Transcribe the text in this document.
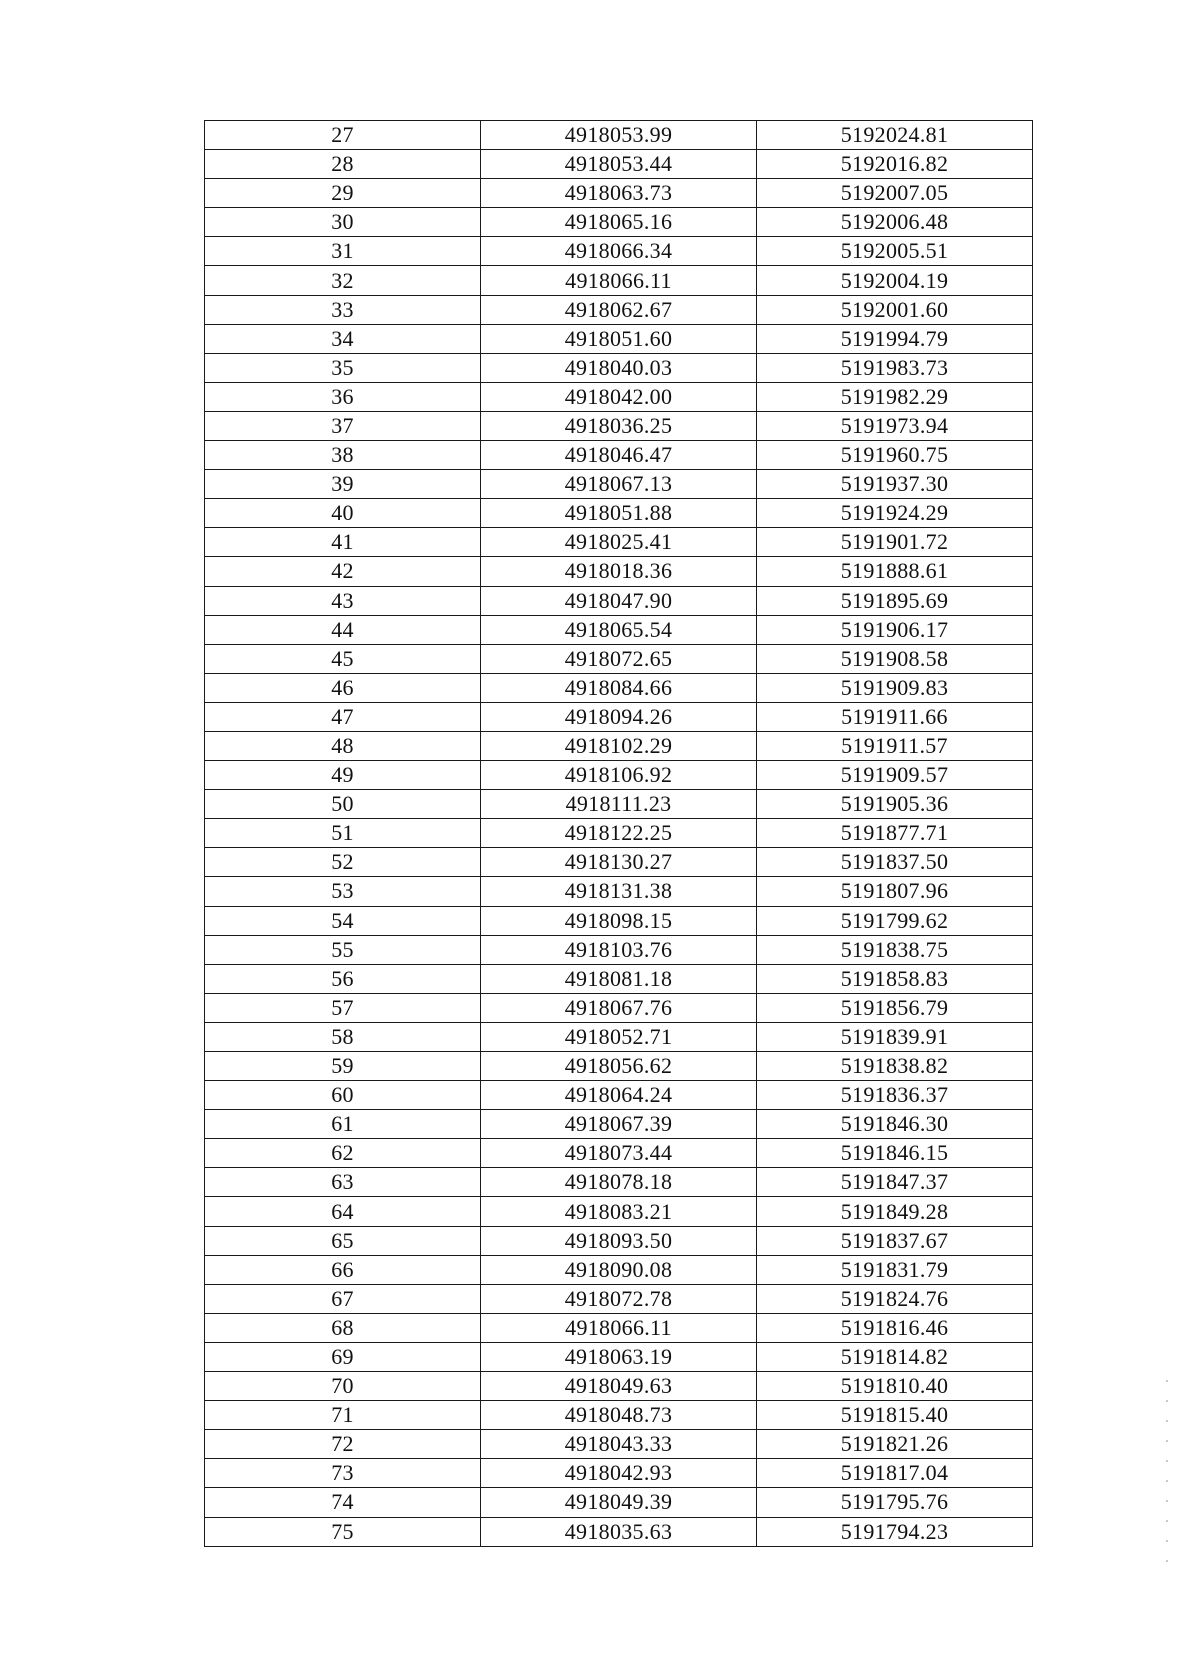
27	4918053.99	5192024.81
28	4918053.44	5192016.82
29	4918063.73	5192007.05
30	4918065.16	5192006.48
31	4918066.34	5192005.51
32	4918066.11	5192004.19
33	4918062.67	5192001.60
34	4918051.60	5191994.79
35	4918040.03	5191983.73
36	4918042.00	5191982.29
37	4918036.25	5191973.94
38	4918046.47	5191960.75
39	4918067.13	5191937.30
40	4918051.88	5191924.29
41	4918025.41	5191901.72
42	4918018.36	5191888.61
43	4918047.90	5191895.69
44	4918065.54	5191906.17
45	4918072.65	5191908.58
46	4918084.66	5191909.83
47	4918094.26	5191911.66
48	4918102.29	5191911.57
49	4918106.92	5191909.57
50	4918111.23	5191905.36
51	4918122.25	5191877.71
52	4918130.27	5191837.50
53	4918131.38	5191807.96
54	4918098.15	5191799.62
55	4918103.76	5191838.75
56	4918081.18	5191858.83
57	4918067.76	5191856.79
58	4918052.71	5191839.91
59	4918056.62	5191838.82
60	4918064.24	5191836.37
61	4918067.39	5191846.30
62	4918073.44	5191846.15
63	4918078.18	5191847.37
64	4918083.21	5191849.28
65	4918093.50	5191837.67
66	4918090.08	5191831.79
67	4918072.78	5191824.76
68	4918066.11	5191816.46
69	4918063.19	5191814.82
70	4918049.63	5191810.40
71	4918048.73	5191815.40
72	4918043.33	5191821.26
73	4918042.93	5191817.04
74	4918049.39	5191795.76
75	4918035.63	5191794.23
